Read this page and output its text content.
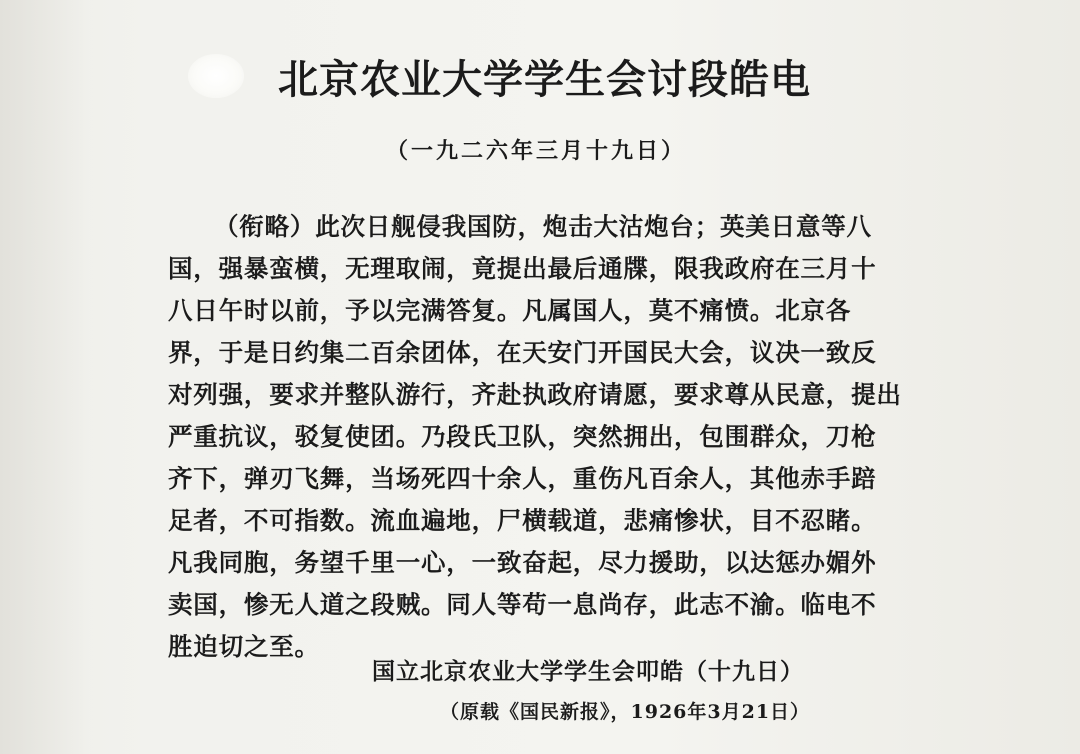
北京农业大学学生会讨段皓电
（一九二六年三月十九日）
（衔略）此次日舰侵我国防，炮击大沽炮台；英美日意等八
国，强暴蛮横，无理取闹，竟提出最后通牒，限我政府在三月十
八日午时以前，予以完满答复。凡属国人，莫不痛愤。北京各
界，于是日约集二百余团体，在天安门开国民大会，议决一致反
对列强，要求并整队游行，齐赴执政府请愿，要求尊从民意，提出
严重抗议，驳复使团。乃段氏卫队，突然拥出，包围群众，刀枪
齐下，弹刃飞舞，当场死四十余人，重伤凡百余人，其他赤手踣
足者，不可指数。流血遍地，尸横载道，悲痛惨状，目不忍睹。
凡我同胞，务望千里一心，一致奋起，尽力援助，以达惩办媚外
卖国，惨无人道之段贼。同人等苟一息尚存，此志不渝。临电不
胜迫切之至。
国立北京农业大学学生会叩皓（十九日）
（原载《国民新报》，1926年3月21日）
